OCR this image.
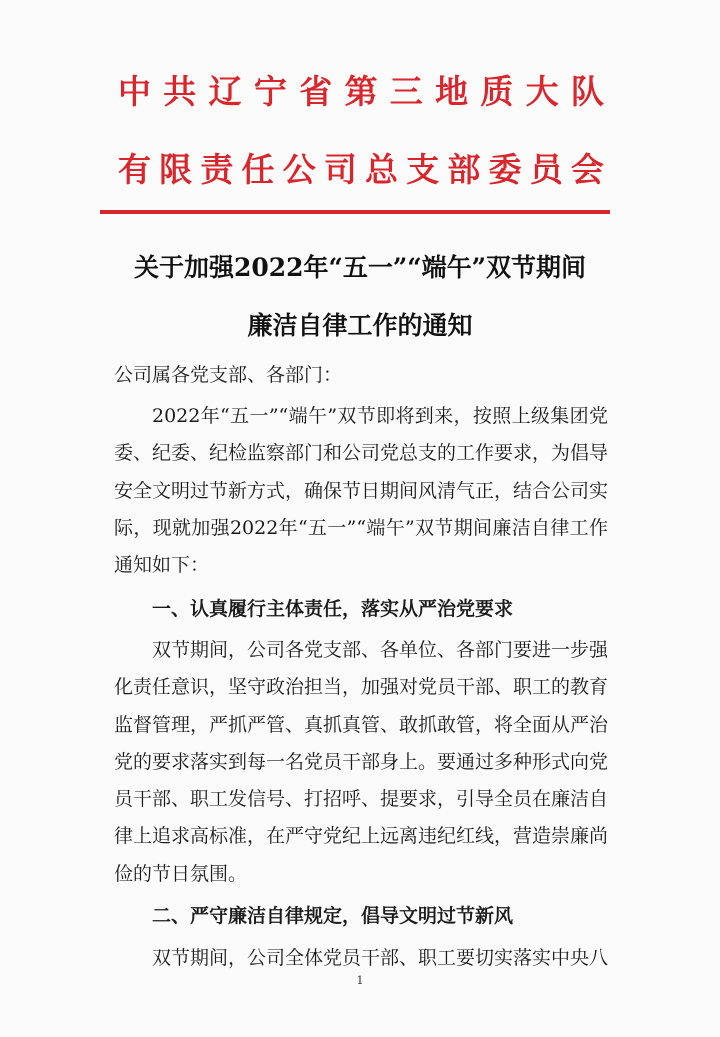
中 共 辽 宁 省 第 三 地 质 大 队
有 限 责 任 公 司 总 支 部 委 员 会
关于加强2022年“五一”“端午”双节期间
廉洁自律工作的通知
公司属各党支部、各部门：

2022年“五一”“端午”双节即将到来，按照上级集团党委、纪委、纪检监察部门和公司党总支的工作要求，为倡导安全文明过节新方式，确保节日期间风清气正，结合公司实际，现就加强2022年“五一”“端午”双节期间廉洁自律工作通知如下：

一、认真履行主体责任，落实从严治党要求

双节期间，公司各党支部、各单位、各部门要进一步强化责任意识，坚守政治担当，加强对党员干部、职工的教育监督管理，严抓严管、真抓真管、敢抓敢管，将全面从严治党的要求落实到每一名党员干部身上。要通过多种形式向党员干部、职工发信号、打招呼、提要求，引导全员在廉洁自律上追求高标准，在严守党纪上远离违纪红线，营造崇廉尚俭的节日氛围。

二、严守廉洁自律规定，倡导文明过节新风

双节期间，公司全体党员干部、职工要切实落实中央八

1
